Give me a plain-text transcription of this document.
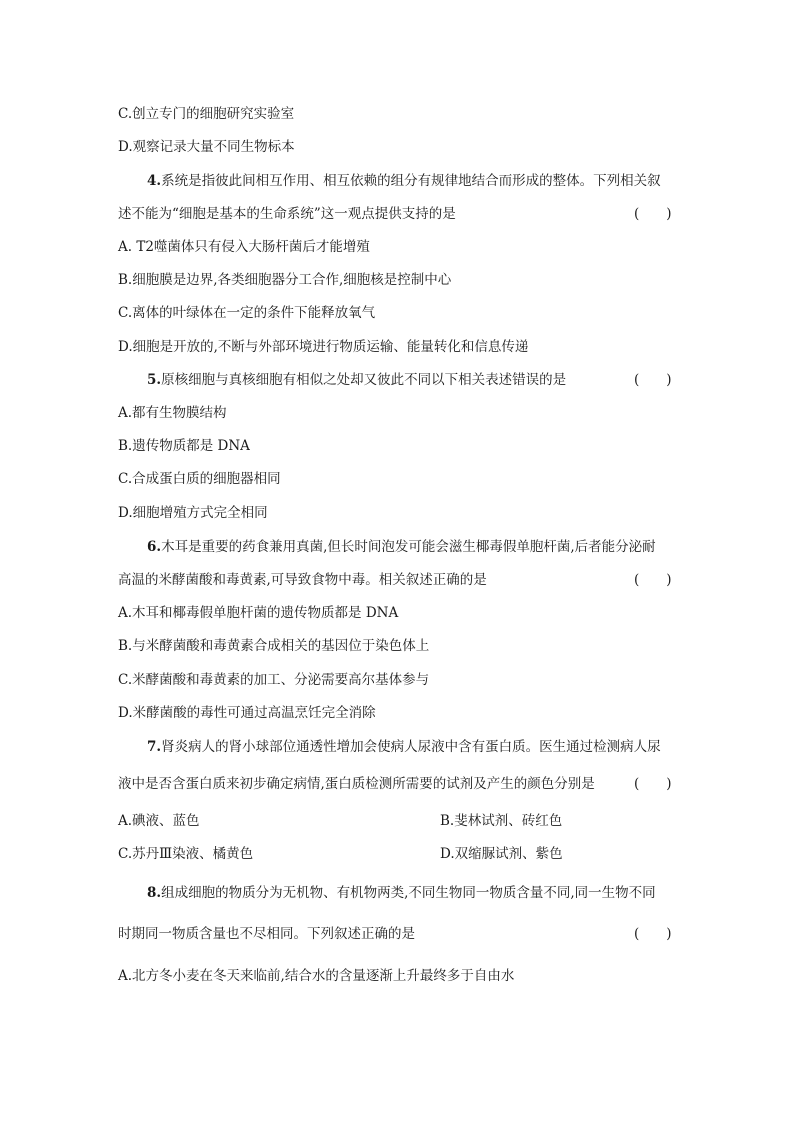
C.创立专门的细胞研究实验室
D.观察记录大量不同生物标本
4.系统是指彼此间相互作用、相互依赖的组分有规律地结合而形成的整体。下列相关叙
述不能为“细胞是基本的生命系统”这一观点提供支持的是	(　　)
A. T2噬菌体只有侵入大肠杆菌后才能增殖
B.细胞膜是边界,各类细胞器分工合作,细胞核是控制中心
C.离体的叶绿体在一定的条件下能释放氧气
D.细胞是开放的,不断与外部环境进行物质运输、能量转化和信息传递
5.原核细胞与真核细胞有相似之处却又彼此不同以下相关表述错误的是	(　　)
A.都有生物膜结构
B.遗传物质都是 DNA
C.合成蛋白质的细胞器相同
D.细胞增殖方式完全相同
6.木耳是重要的药食兼用真菌,但长时间泡发可能会滋生椰毒假单胞杆菌,后者能分泌耐
高温的米酵菌酸和毒黄素,可导致食物中毒。相关叙述正确的是	(　　)
A.木耳和椰毒假单胞杆菌的遗传物质都是 DNA
B.与米酵菌酸和毒黄素合成相关的基因位于染色体上
C.米酵菌酸和毒黄素的加工、分泌需要高尔基体参与
D.米酵菌酸的毒性可通过高温烹饪完全消除
7.肾炎病人的肾小球部位通透性增加会使病人尿液中含有蛋白质。医生通过检测病人尿
液中是否含蛋白质来初步确定病情,蛋白质检测所需要的试剂及产生的颜色分别是	(　　)
A.碘液、蓝色	B.斐林试剂、砖红色
C.苏丹Ⅲ染液、橘黄色	D.双缩脲试剂、紫色
8.组成细胞的物质分为无机物、有机物两类,不同生物同一物质含量不同,同一生物不同
时期同一物质含量也不尽相同。下列叙述正确的是	(　　)
A.北方冬小麦在冬天来临前,结合水的含量逐渐上升最终多于自由水
